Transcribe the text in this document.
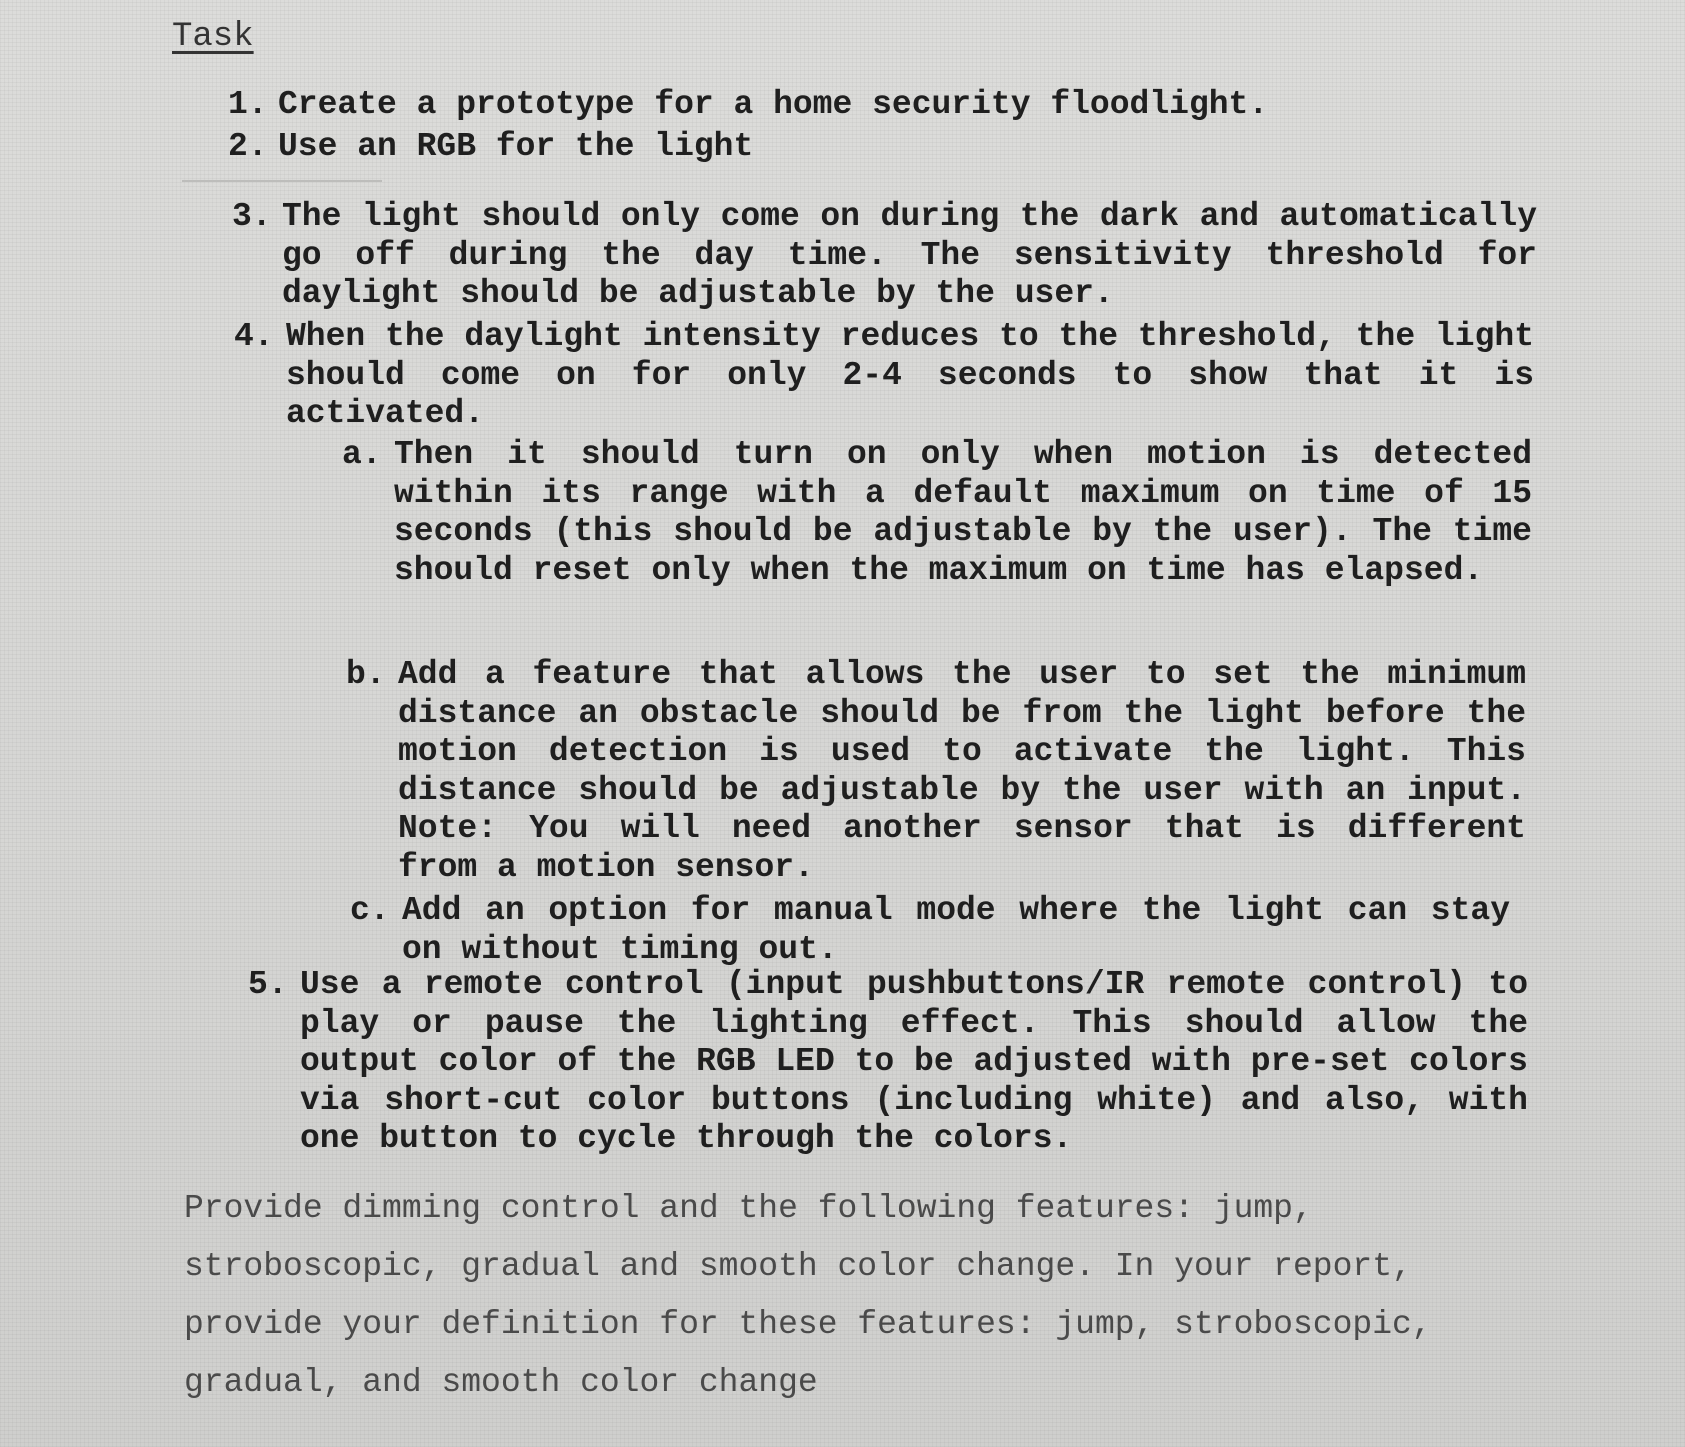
Task
1. Create a prototype for a home security floodlight.
2. Use an RGB for the light
3. The light should only come on during the dark and automatically go off during the day time. The sensitivity threshold for daylight should be adjustable by the user.
4. When the daylight intensity reduces to the threshold, the light should come on for only 2-4 seconds to show that it is activated.
a. Then it should turn on only when motion is detected within its range with a default maximum on time of 15 seconds (this should be adjustable by the user). The time should reset only when the maximum on time has elapsed.
b. Add a feature that allows the user to set the minimum distance an obstacle should be from the light before the motion detection is used to activate the light. This distance should be adjustable by the user with an input. Note: You will need another sensor that is different from a motion sensor.
c. Add an option for manual mode where the light can stay on without timing out.
5. Use a remote control (input pushbuttons/IR remote control) to play or pause the lighting effect. This should allow the output color of the RGB LED to be adjusted with pre-set colors via short-cut color buttons (including white) and also, with one button to cycle through the colors.
Provide dimming control and the following features: jump, stroboscopic, gradual and smooth color change. In your report, provide your definition for these features: jump, stroboscopic, gradual, and smooth color change
